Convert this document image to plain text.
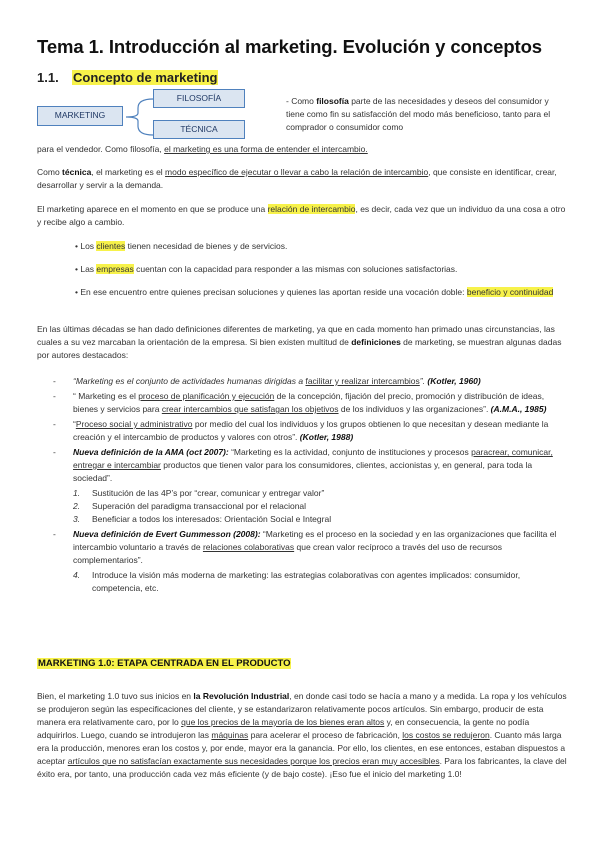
Tema 1. Introducción al marketing. Evolución y conceptos
1.1. Concepto de marketing
MARKETING
FILOSOFÍA
TÉCNICA

- Como filosofía parte de las necesidades y deseos del consumidor y tiene como fin su satisfacción del modo más beneficioso, tanto para el comprador o consumidor como

para el vendedor. Como filosofía, el marketing es una forma de entender el intercambio.

Como técnica, el marketing es el modo específico de ejecutar o llevar a cabo la relación de intercambio, que consiste en identificar, crear, desarrollar y servir a la demanda.

El marketing aparece en el momento en que se produce una relación de intercambio, es decir, cada vez que un individuo da una cosa a otro y recibe algo a cambio.

• Los clientes tienen necesidad de bienes y de servicios.

• Las empresas cuentan con la capacidad para responder a las mismas con soluciones satisfactorias.

• En ese encuentro entre quienes precisan soluciones y quienes las aportan reside una vocación doble: beneficio y continuidad

En las últimas décadas se han dado definiciones diferentes de marketing, ya que en cada momento han primado unas circunstancias, las cuales a su vez marcaban la orientación de la empresa. Si bien existen multitud de definiciones de marketing, se muestran algunas dadas por autores destacados:

- “Marketing es el conjunto de actividades humanas dirigidas a facilitar y realizar intercambios”. (Kotler, 1960)
- “ Marketing es el proceso de planificación y ejecución de la concepción, fijación del precio, promoción y distribución de ideas, bienes y servicios para crear intercambios que satisfagan los objetivos de los individuos y las organizaciones”. (A.M.A., 1985)
- “Proceso social y administrativo por medio del cual los individuos y los grupos obtienen lo que necesitan y desean mediante la creación y el intercambio de productos y valores con otros”. (Kotler, 1988)
- Nueva definición de la AMA (oct 2007): “Marketing es la actividad, conjunto de instituciones y procesos paracrear, comunicar, entregar e intercambiar productos que tienen valor para los consumidores, clientes, accionistas y, en general, para toda la sociedad”.
1. Sustitución de las 4P’s por “crear, comunicar y entregar valor”
2. Superación del paradigma transaccional por el relacional
3. Beneficiar a todos los interesados: Orientación Social e Integral
- Nueva definición de Evert Gummesson (2008): “Marketing es el proceso en la sociedad y en las organizaciones que facilita el intercambio voluntario a través de relaciones colaborativas que crean valor recíproco a través del uso de recursos complementarios”.
4. Introduce la visión más moderna de marketing: las estrategias colaborativas con agentes implicados: consumidor, competencia, etc.
MARKETING 1.0: ETAPA CENTRADA EN EL PRODUCTO

Bien, el marketing 1.0 tuvo sus inicios en la Revolución Industrial, en donde casi todo se hacía a mano y a medida. La ropa y los vehículos se produjeron según las especificaciones del cliente, y se estandarizaron relativamente pocos artículos. Sin embargo, producir de esta manera era relativamente caro, por lo que los precios de la mayoría de los bienes eran altos y, en consecuencia, la gente no podía adquirirlos. Luego, cuando se introdujeron las máquinas para acelerar el proceso de fabricación, los costos se redujeron. Cuanto más larga era la producción, menores eran los costos y, por ende, mayor era la ganancia. Por ello, los clientes, en ese entonces, estaban dispuestos a aceptar artículos que no satisfacían exactamente sus necesidades porque los precios eran muy accesibles. Para los fabricantes, la clave del éxito era, por tanto, una producción cada vez más eficiente (y de bajo coste). ¡Eso fue el inicio del marketing 1.0!
